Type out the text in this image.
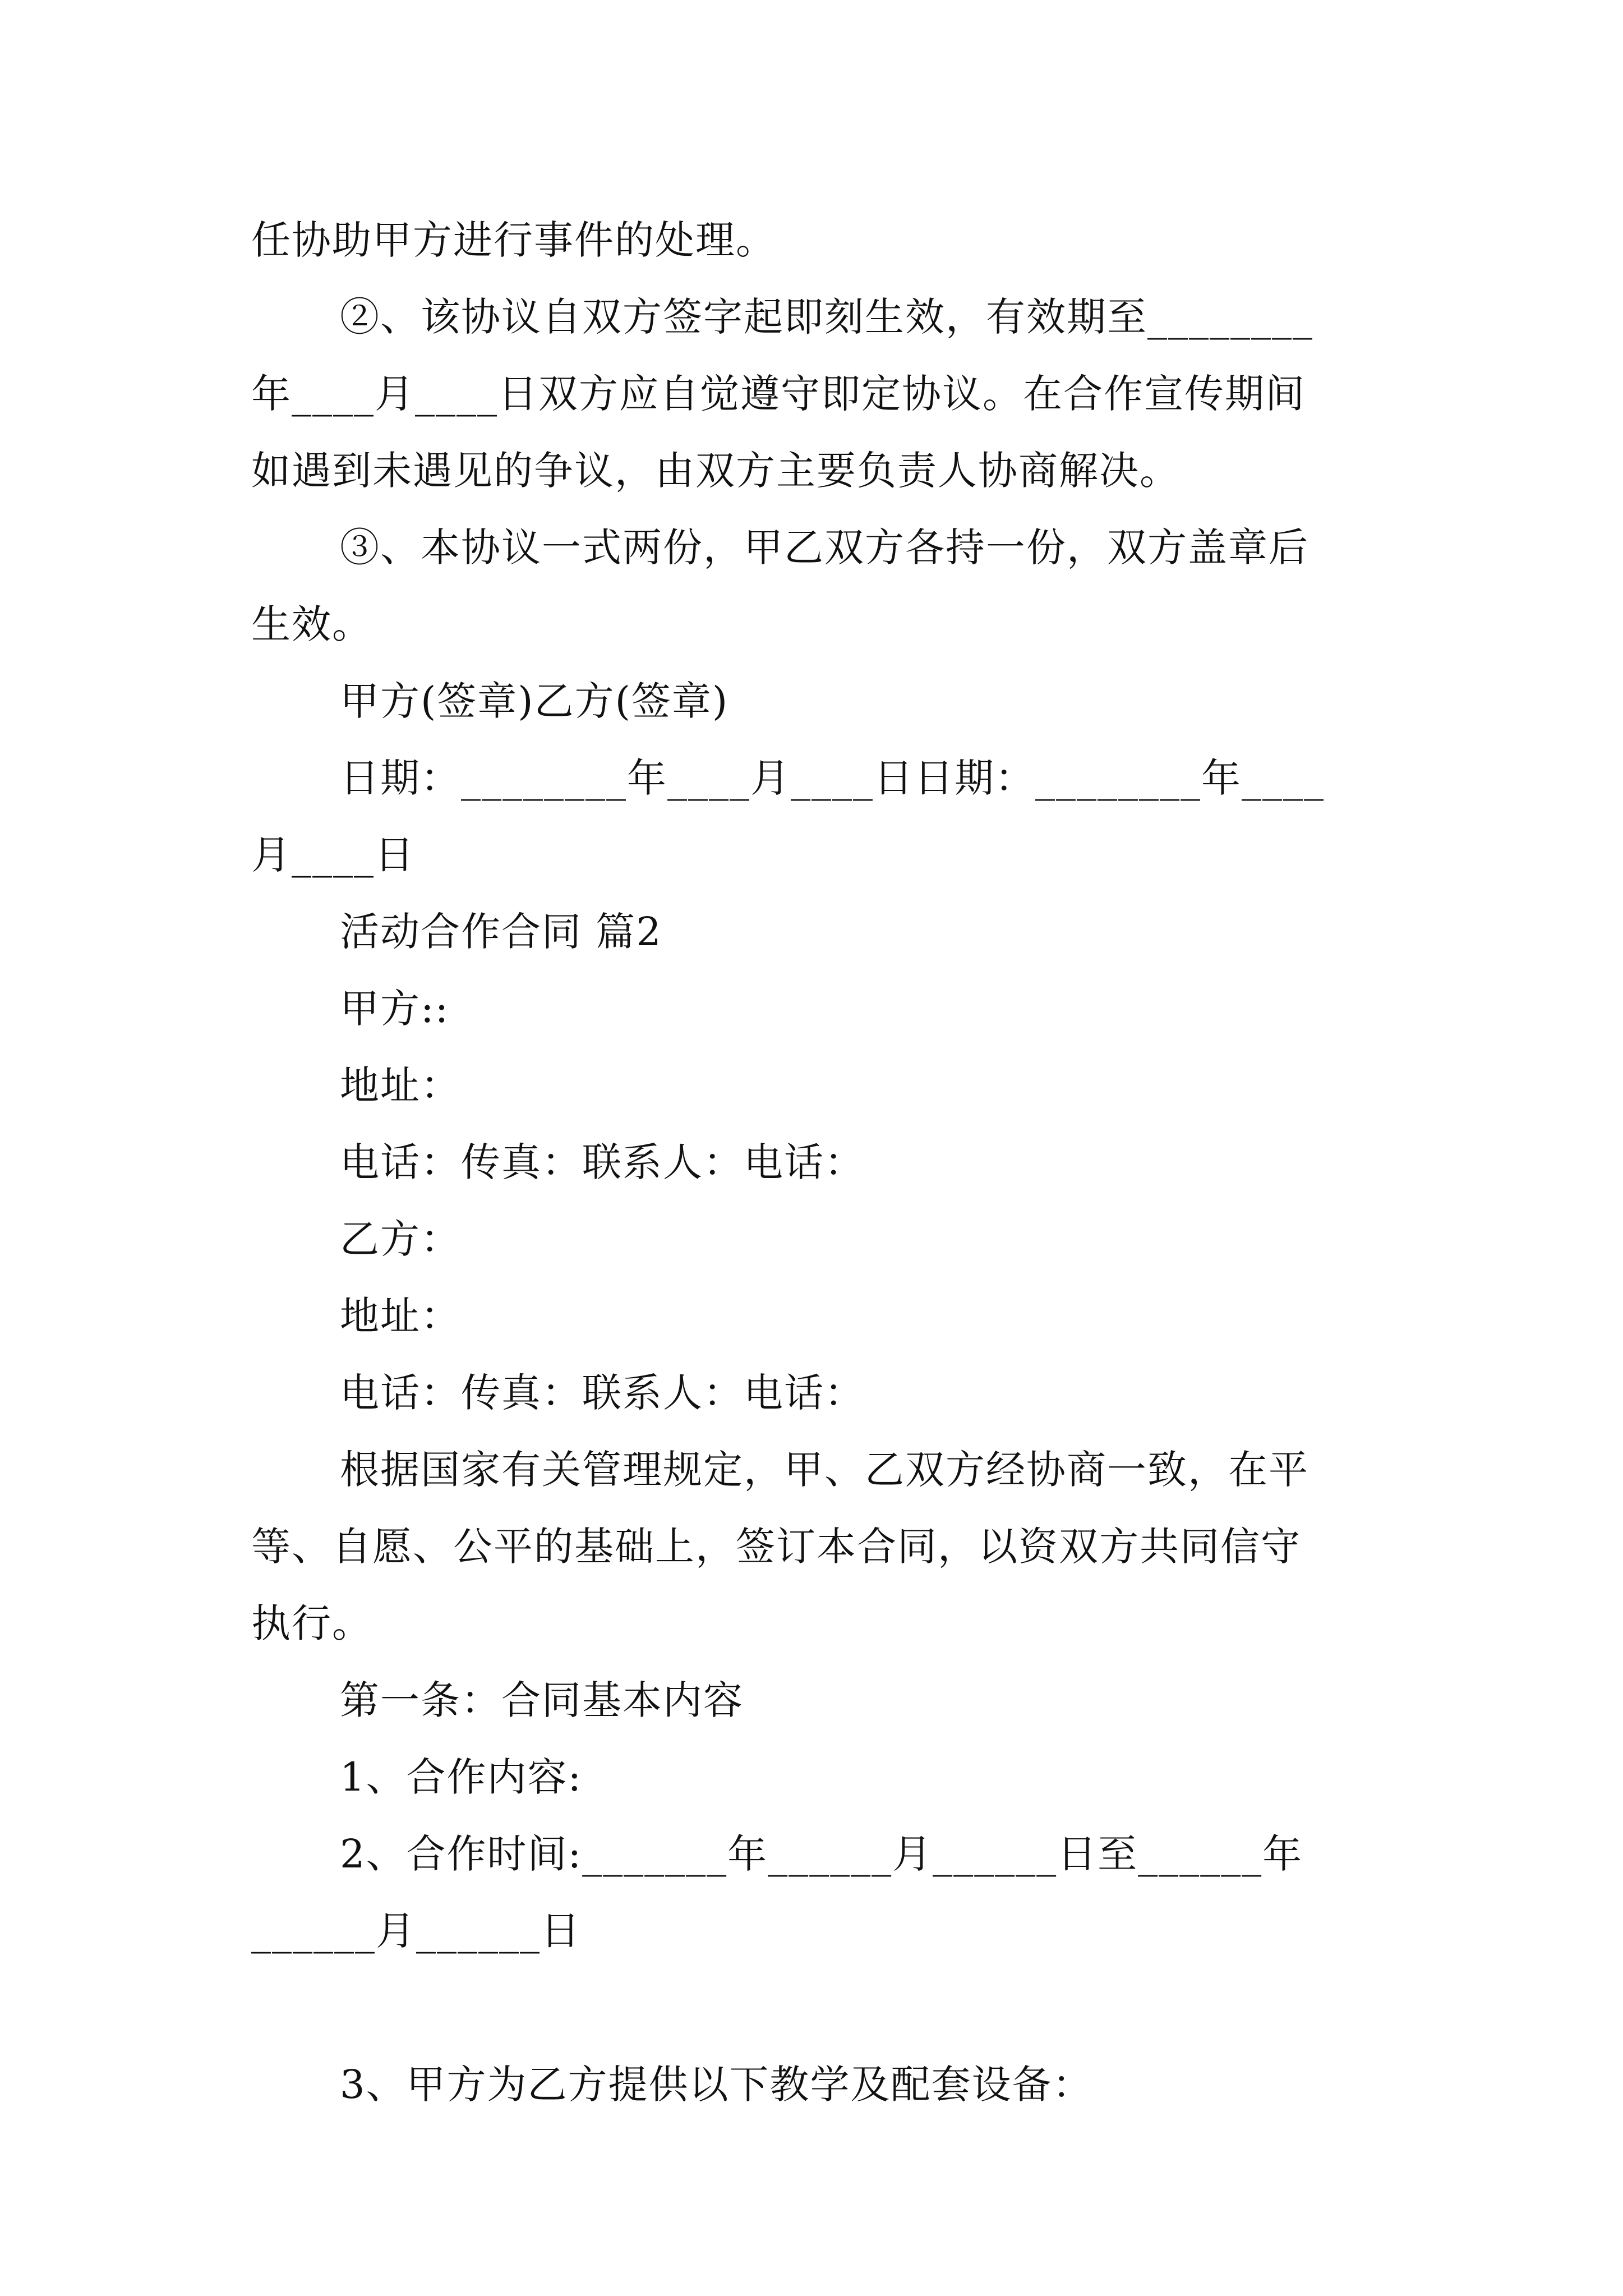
任协助甲方进行事件的处理。
②、该协议自双方签字起即刻生效，有效期至________
年____月____日双方应自觉遵守即定协议。在合作宣传期间
如遇到未遇见的争议，由双方主要负责人协商解决。
③、本协议一式两份，甲乙双方各持一份，双方盖章后
生效。
甲方(签章)乙方(签章)
日期：________年____月____日日期：________年____
月____日
活动合作合同 篇2
甲方::
地址：
电话：传真：联系人：电话：
乙方：
地址：
电话：传真：联系人：电话：
根据国家有关管理规定，甲、乙双方经协商一致，在平
等、自愿、公平的基础上，签订本合同，以资双方共同信守
执行。
第一条：合同基本内容
1、合作内容:
2、合作时间:_______年______月______日至______年
______月______日
3、甲方为乙方提供以下教学及配套设备：
